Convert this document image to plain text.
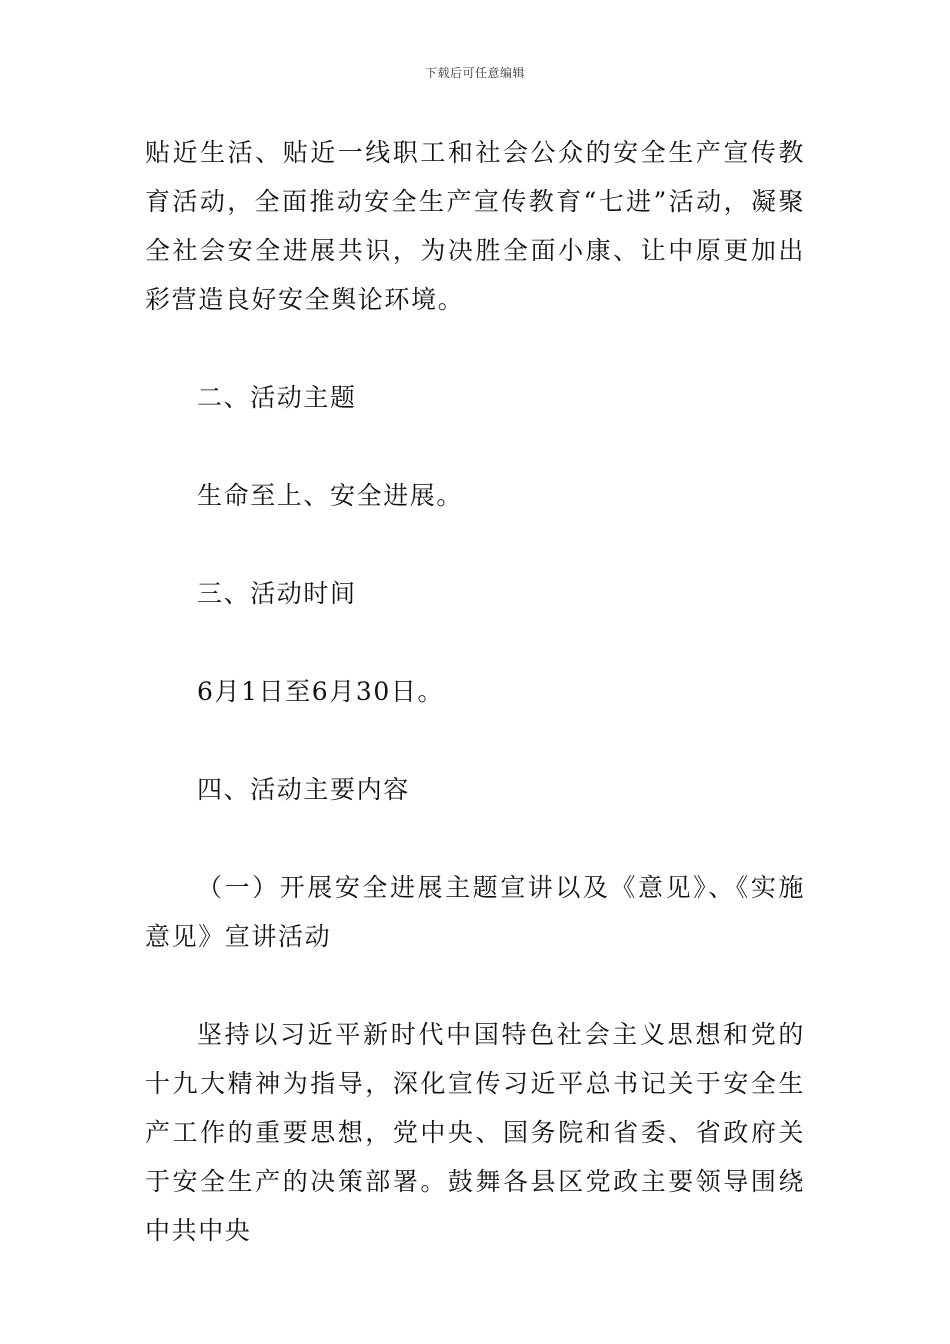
下载后可任意编辑

贴近生活、贴近一线职工和社会公众的安全生产宣传教育活动，全面推动安全生产宣传教育“七进”活动，凝聚全社会安全进展共识，为决胜全面小康、让中原更加出彩营造良好安全舆论环境。

二、活动主题

生命至上、安全进展。

三、活动时间

6月1日至6月30日。

四、活动主要内容

（一）开展安全进展主题宣讲以及《意见》、《实施意见》宣讲活动

坚持以习近平新时代中国特色社会主义思想和党的十九大精神为指导，深化宣传习近平总书记关于安全生产工作的重要思想，党中央、国务院和省委、省政府关于安全生产的决策部署。鼓舞各县区党政主要领导围绕中共中央
